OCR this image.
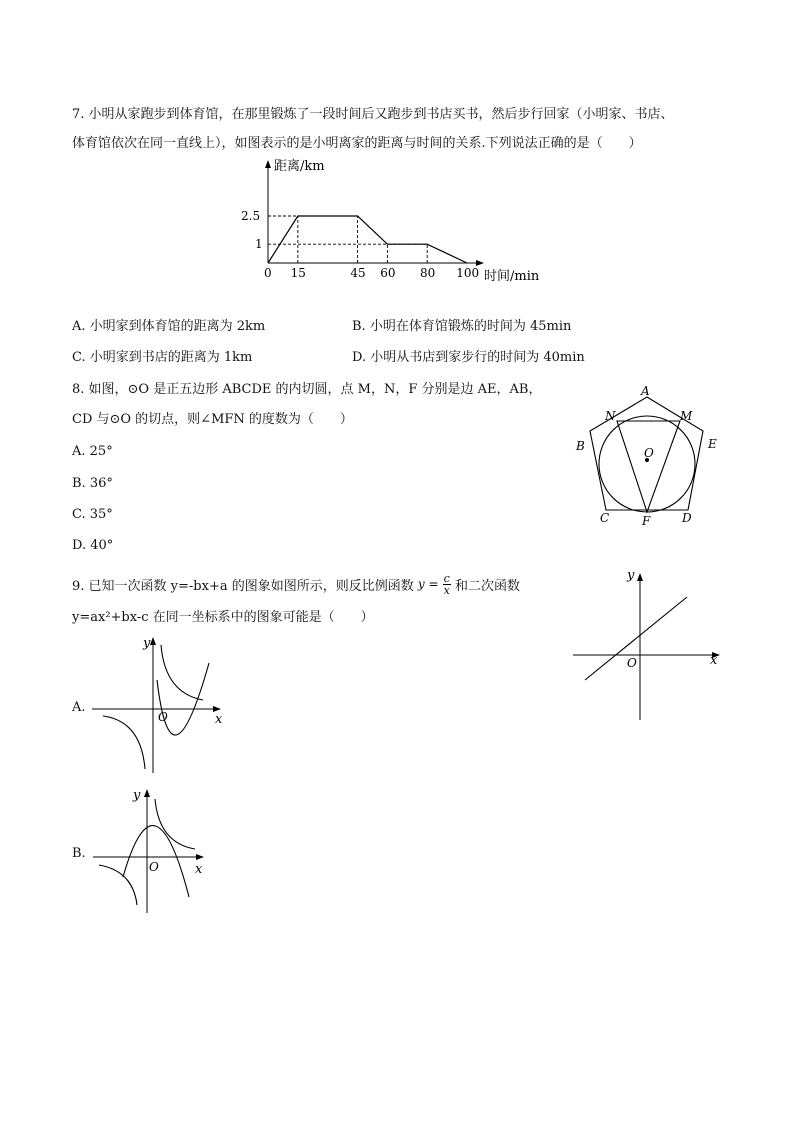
7. 小明从家跑步到体育馆，在那里锻炼了一段时间后又跑步到书店买书，然后步行回家（小明家、书店、
体育馆依次在同一直线上），如图表示的是小明离家的距离与时间的关系.下列说法正确的是（　　）
距离/km
时间/min
0 15	45 60 80 100
2.5
1
A. 小明家到体育馆的距离为 2km	B. 小明在体育馆锻炼的时间为 45min
C. 小明家到书店的距离为 1km	D. 小明从书店到家步行的时间为 40min
8. 如图，⊙O 是正五边形 ABCDE 的内切圆，点 M，N，F 分别是边 AE，AB，
CD 与⊙O 的切点，则∠MFN 的度数为（　　）
A. 25°
B. 36°
C. 35°
D. 40°
A
B
C	D
E
M
N
F
O
9. 已知一次函数 y=-bx+a 的图象如图所示，则反比例函数 $y = \frac{c}{x}$ 和二次函数
y=ax²+bx-c 在同一坐标系中的图象可能是（　　）
x
y
O
A.
x
y
O
B.
x
y
O
